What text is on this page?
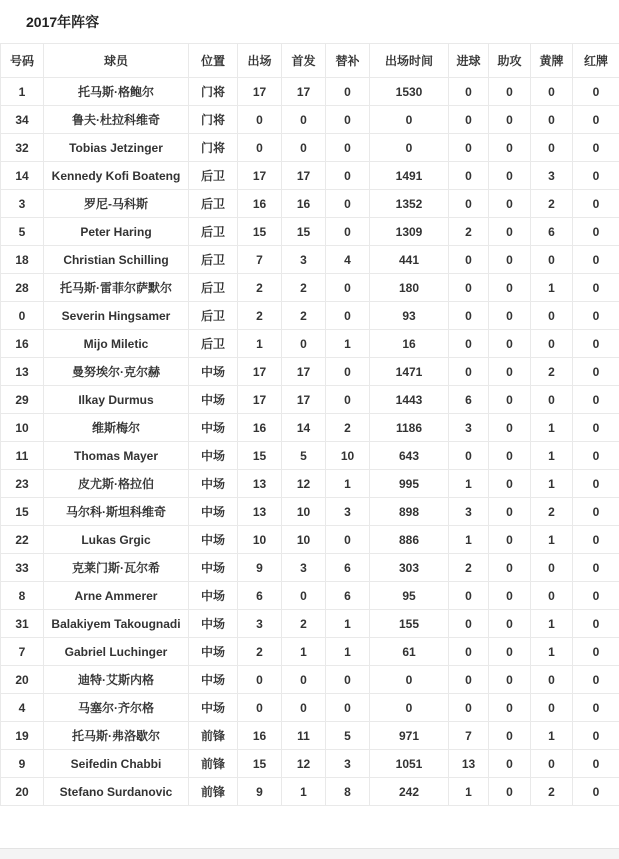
2017年阵容
号码	球员	位置	出场	首发	替补	出场时间	进球	助攻	黄牌	红牌
1	托马斯·格鲍尔	门将	17	17	0	1530	0	0	0	0
34	鲁夫·杜拉科维奇	门将	0	0	0	0	0	0	0	0
32	Tobias Jetzinger	门将	0	0	0	0	0	0	0	0
14	Kennedy Kofi Boateng	后卫	17	17	0	1491	0	0	3	0
3	罗尼-马科斯	后卫	16	16	0	1352	0	0	2	0
5	Peter Haring	后卫	15	15	0	1309	2	0	6	0
18	Christian Schilling	后卫	7	3	4	441	0	0	0	0
28	托马斯·雷菲尔萨默尔	后卫	2	2	0	180	0	0	1	0
0	Severin Hingsamer	后卫	2	2	0	93	0	0	0	0
16	Mijo Miletic	后卫	1	0	1	16	0	0	0	0
13	曼努埃尔·克尔赫	中场	17	17	0	1471	0	0	2	0
29	Ilkay Durmus	中场	17	17	0	1443	6	0	0	0
10	维斯梅尔	中场	16	14	2	1186	3	0	1	0
11	Thomas Mayer	中场	15	5	10	643	0	0	1	0
23	皮尤斯·格拉伯	中场	13	12	1	995	1	0	1	0
15	马尔科·斯坦科维奇	中场	13	10	3	898	3	0	2	0
22	Lukas Grgic	中场	10	10	0	886	1	0	1	0
33	克莱门斯·瓦尔希	中场	9	3	6	303	2	0	0	0
8	Arne Ammerer	中场	6	0	6	95	0	0	0	0
31	Balakiyem Takougnadi	中场	3	2	1	155	0	0	1	0
7	Gabriel Luchinger	中场	2	1	1	61	0	0	1	0
20	迪特·艾斯内格	中场	0	0	0	0	0	0	0	0
4	马塞尔·齐尔格	中场	0	0	0	0	0	0	0	0
19	托马斯·弗洛歇尔	前锋	16	11	5	971	7	0	1	0
9	Seifedin Chabbi	前锋	15	12	3	1051	13	0	0	0
20	Stefano Surdanovic	前锋	9	1	8	242	1	0	2	0
